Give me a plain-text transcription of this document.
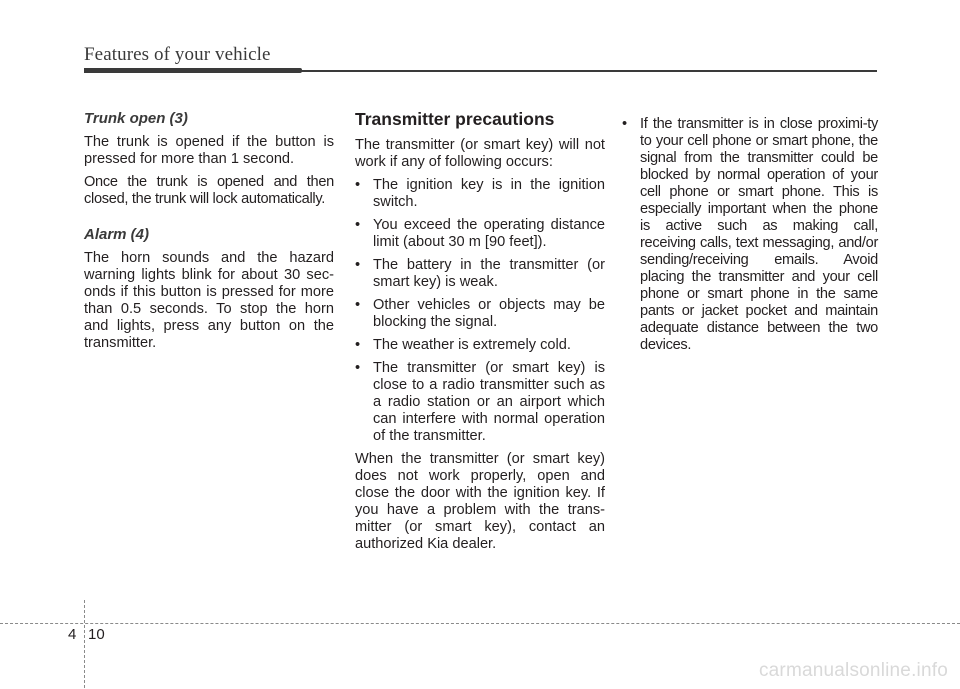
Features of your vehicle
Trunk open (3)

The trunk is opened if the button is pressed for more than 1 second.

Once the trunk is opened and then closed, the trunk will lock automatically.

Alarm (4)

The horn sounds and the hazard warning lights blink for about 30 sec-onds if this button is pressed for more than 0.5 seconds. To stop the horn and lights, press any button on the transmitter.

Transmitter precautions

The transmitter (or smart key) will not work if any of following occurs:

• The ignition key is in the ignition switch.
• You exceed the operating distance limit (about 30 m [90 feet]).
• The battery in the transmitter (or smart key) is weak.
• Other vehicles or objects may be blocking the signal.
• The weather is extremely cold.
• The transmitter (or smart key) is close to a radio transmitter such as a radio station or an airport which can interfere with normal operation of the transmitter.

When the transmitter (or smart key) does not work properly, open and close the door with the ignition key. If you have a problem with the trans-mitter (or smart key), contact an authorized Kia dealer.

• If the transmitter is in close proximi-ty to your cell phone or smart phone, the signal from the transmitter could be blocked by normal operation of your cell phone or smart phone. This is especially important when the phone is active such as making call, receiving calls, text messaging, and/or sending/receiving emails. Avoid placing the transmitter and your cell phone or smart phone in the same pants or jacket pocket and maintain adequate distance between the two devices.
4 10
carmanualsonline.info
